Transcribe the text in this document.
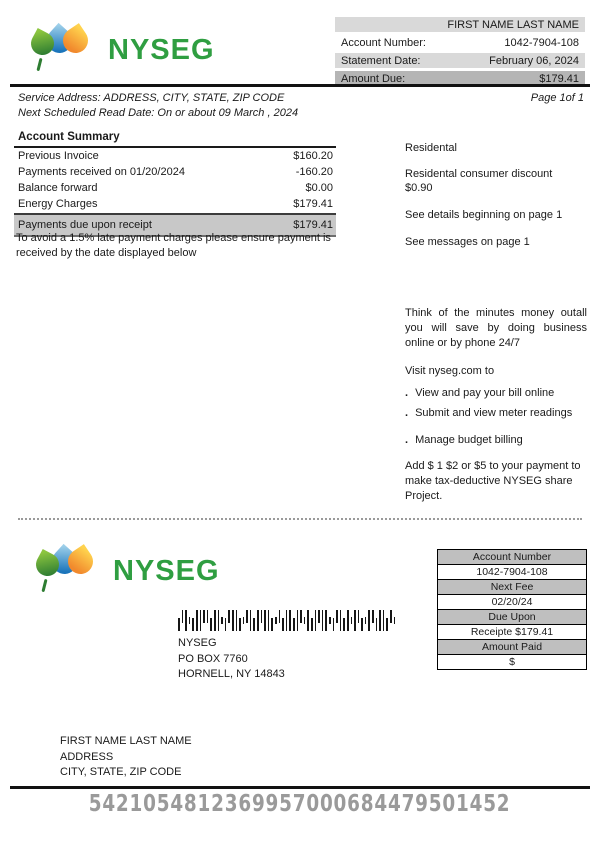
NYSEG
FIRST NAME LAST NAME
Account Number:	1042-7904-108
Statement Date:	February 06, 2024
Amount Due:	$179.41
Service Address: ADDRESS, CITY, STATE, ZIP CODE	Page 1of 1
Next Scheduled Read Date: On or about 09 March , 2024
Account Summary
Previous Invoice	$160.20
Payments received on 01/20/2024	-160.20
Balance forward	$0.00
Energy Charges	$179.41
Payments due upon receipt	$179.41
To avoid a 1.5% late payment charges please ensure payment is received by the date displayed below
Residental
Residental consumer discount
$0.90
See details beginning on page 1
See messages on page 1
Think of the minutes money outall you will save by doing business online or by phone 24/7
Visit nyseg.com to
. View and pay your bill online
. Submit and view meter readings
. Manage budget billing
Add $ 1 $2 or $5 to your payment to make tax-deductive NYSEG share Project.
NYSEG	Account Number
1042-7904-108
Next Fee
02/20/24
Due Upon
Receipte $179.41
Amount Paid
$
NYSEG
PO BOX 7760
HORNELL, NY 14843
FIRST NAME LAST NAME
ADDRESS
CITY, STATE, ZIP CODE
5421054812369957000684479501452
